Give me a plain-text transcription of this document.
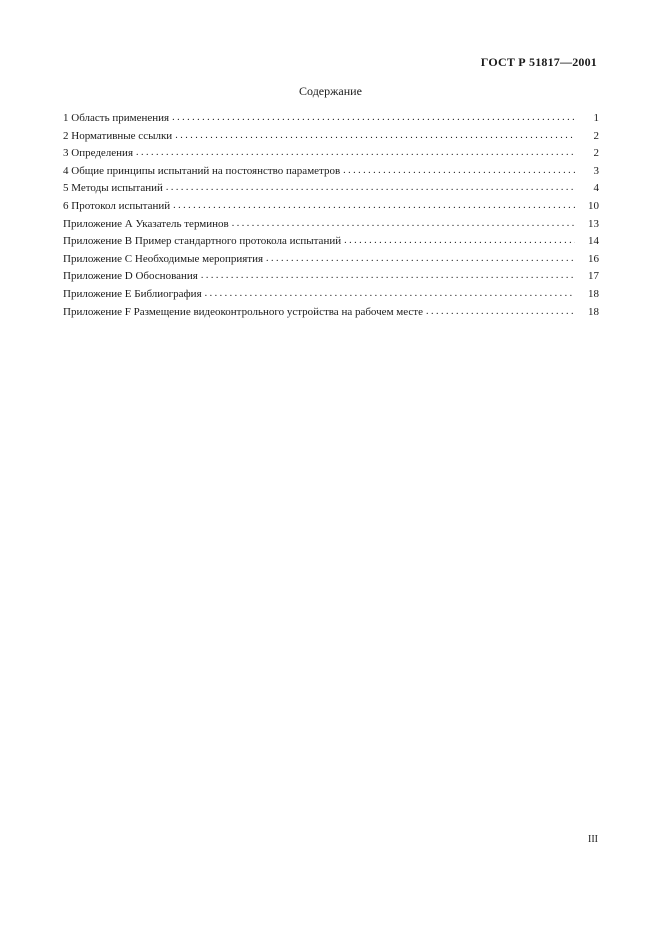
ГОСТ Р 51817—2001
Содержание
1 Область применения . . .	1
2 Нормативные ссылки . . .	2
3 Определения . . .	2
4 Общие принципы испытаний на постоянство параметров . . .	3
5 Методы испытаний . . .	4
6 Протокол испытаний . . .	10
Приложение А Указатель терминов . . .	13
Приложение В Пример стандартного протокола испытаний . . .	14
Приложение С Необходимые мероприятия . . .	16
Приложение D Обоснования . . .	17
Приложение Е Библиография . . .	18
Приложение F Размещение видеоконтрольного устройства на рабочем месте . . .	18
III
